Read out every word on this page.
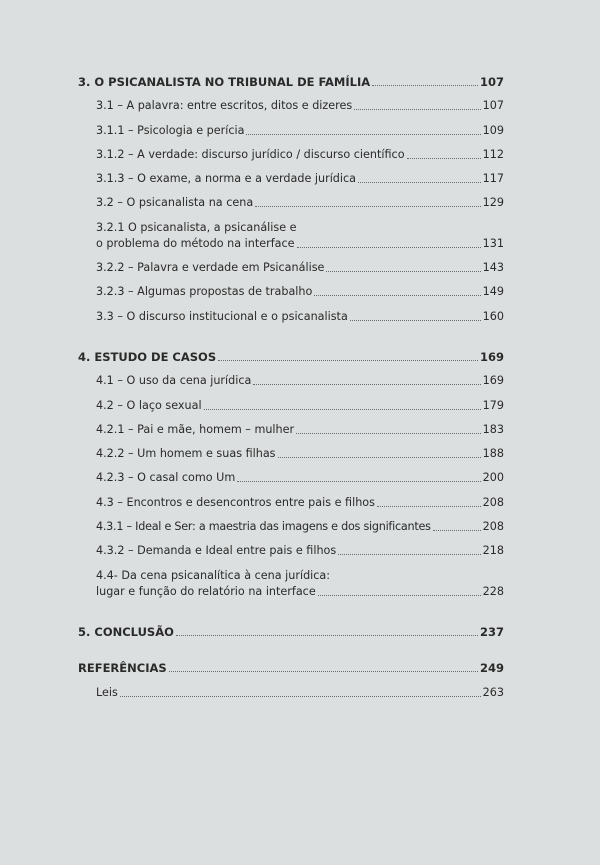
3. O PSICANALISTA NO TRIBUNAL DE FAMÍLIA	107
3.1 – A palavra: entre escritos, ditos e dizeres	107
3.1.1 – Psicologia e perícia	109
3.1.2 – A verdade: discurso jurídico / discurso científico	112
3.1.3 – O exame, a norma e a verdade jurídica	117
3.2 – O psicanalista na cena	129
3.2.1 O psicanalista, a psicanálise e
o problema do método na interface	131
3.2.2 – Palavra e verdade em Psicanálise	143
3.2.3 – Algumas propostas de trabalho	149
3.3 – O discurso institucional e o psicanalista	160
4. ESTUDO DE CASOS	169
4.1 – O uso da cena jurídica	169
4.2 – O laço sexual	179
4.2.1 – Pai e mãe, homem – mulher	183
4.2.2 – Um homem e suas filhas	188
4.2.3 – O casal como Um	200
4.3 – Encontros e desencontros entre pais e filhos	208
4.3.1 – Ideal e Ser: a maestria das imagens e dos significantes	208
4.3.2 – Demanda e Ideal entre pais e filhos	218
4.4- Da cena psicanalítica à cena jurídica:
lugar e função do relatório na interface	228
5. CONCLUSÃO	237
REFERÊNCIAS	249
Leis	263
